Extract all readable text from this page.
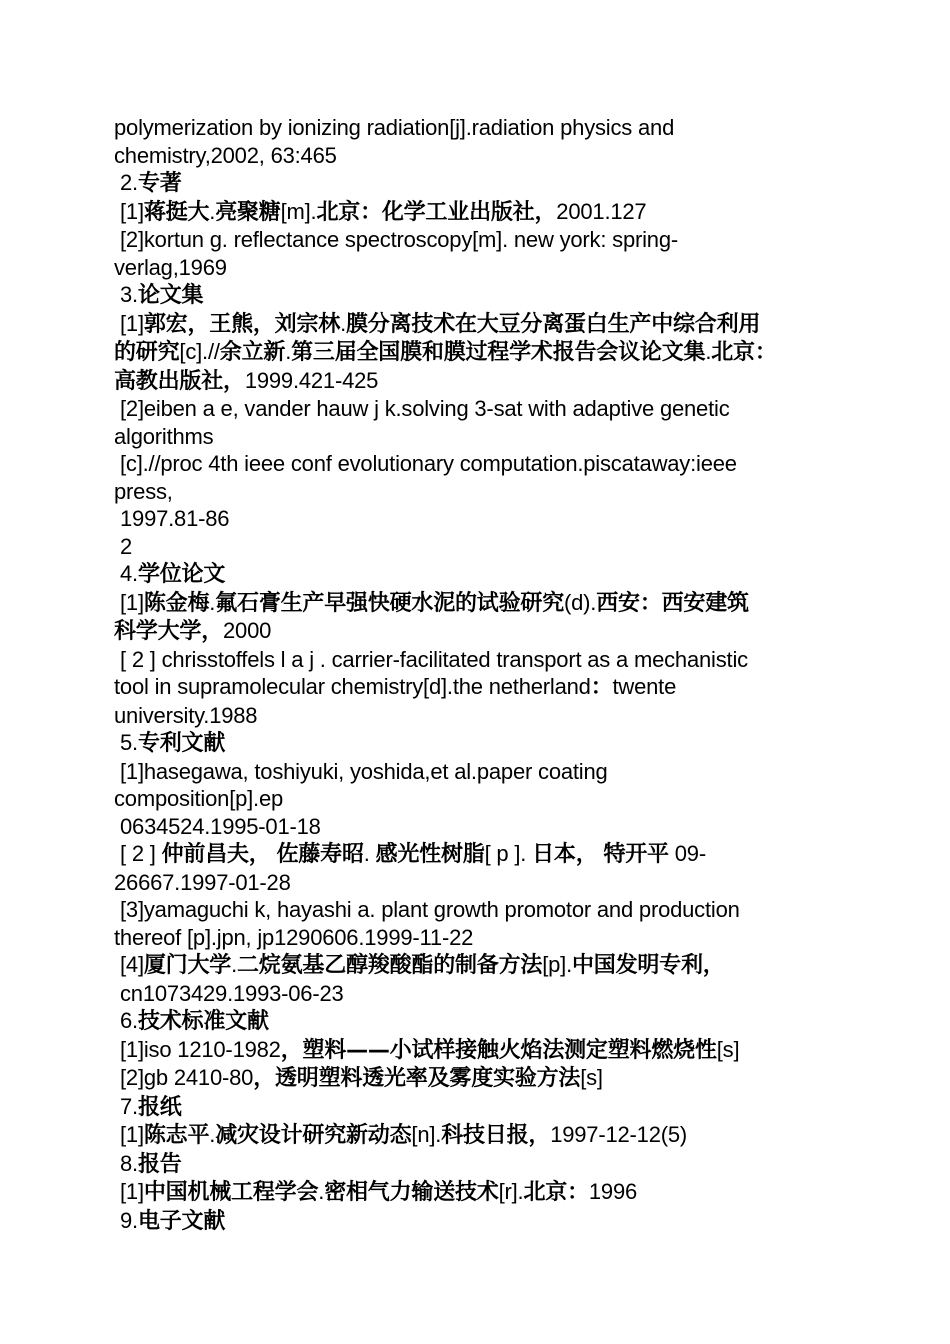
polymerization by ionizing radiation[j].radiation physics and
chemistry,2002, 63:465
2.专著
[1]蒋挺大.亮聚糖[m].北京：化学工业出版社，2001.127
[2]kortun g. reflectance spectroscopy[m]. new york: spring-
verlag,1969
3.论文集
[1]郭宏，王熊，刘宗林.膜分离技术在大豆分离蛋白生产中综合利用
的研究[c].//余立新.第三届全国膜和膜过程学术报告会议论文集.北京：
高教出版社，1999.421-425
[2]eiben a e, vander hauw j k.solving 3-sat with adaptive genetic
algorithms
[c].//proc 4th ieee conf evolutionary computation.piscataway:ieee
press,
1997.81-86
2
4.学位论文
[1]陈金梅.氟石膏生产早强快硬水泥的试验研究(d).西安：西安建筑
科学大学，2000
[ 2 ] chrisstoffels l a j . carrier-facilitated transport as a mechanistic
tool in supramolecular chemistry[d].the netherland：twente
university.1988
5.专利文献
[1]hasegawa, toshiyuki, yoshida,et al.paper coating
composition[p].ep
0634524.1995-01-18
[ 2 ] 仲前昌夫， 佐藤寿昭. 感光性树脂[ p ]. 日本， 特开平 09-
26667.1997-01-28
[3]yamaguchi k, hayashi a. plant growth promotor and production
thereof [p].jpn, jp1290606.1999-11-22
[4]厦门大学.二烷氨基乙醇羧酸酯的制备方法[p].中国发明专利，
cn1073429.1993-06-23
6.技术标准文献
[1]iso 1210-1982，塑料——小试样接触火焰法测定塑料燃烧性[s]
[2]gb 2410-80，透明塑料透光率及雾度实验方法[s]
7.报纸
[1]陈志平.减灾设计研究新动态[n].科技日报，1997-12-12(5)
8.报告
[1]中国机械工程学会.密相气力输送技术[r].北京：1996
9.电子文献
